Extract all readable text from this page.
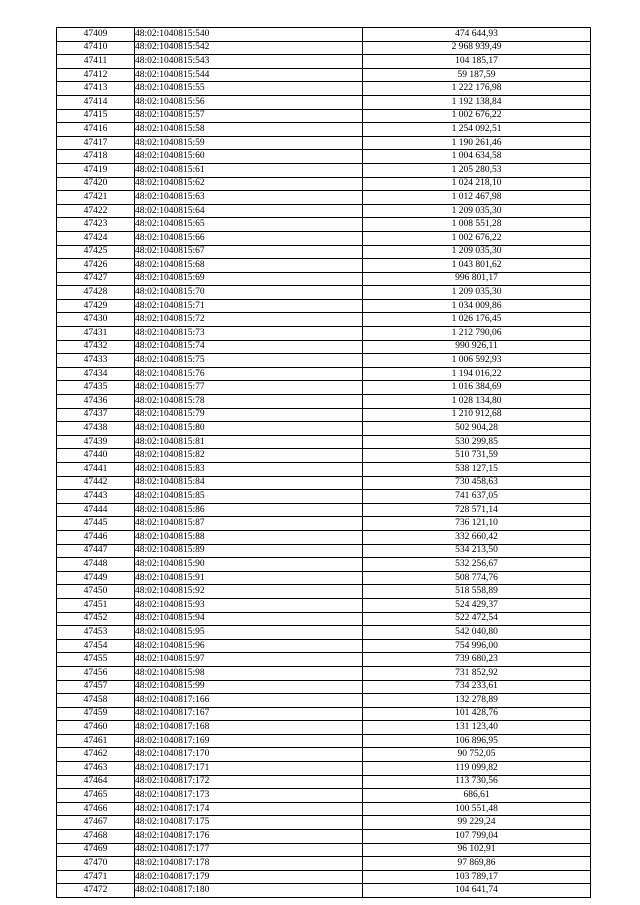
47409	48:02:1040815:540	474 644,93
47410	48:02:1040815:542	2 968 939,49
47411	48:02:1040815:543	104 185,17
47412	48:02:1040815:544	59 187,59
47413	48:02:1040815:55	1 222 176,98
47414	48:02:1040815:56	1 192 138,84
47415	48:02:1040815:57	1 002 676,22
47416	48:02:1040815:58	1 254 092,51
47417	48:02:1040815:59	1 190 261,46
47418	48:02:1040815:60	1 004 634,58
47419	48:02:1040815:61	1 205 280,53
47420	48:02:1040815:62	1 024 218,10
47421	48:02:1040815:63	1 012 467,98
47422	48:02:1040815:64	1 209 035,30
47423	48:02:1040815:65	1 008 551,28
47424	48:02:1040815:66	1 002 676,22
47425	48:02:1040815:67	1 209 035,30
47426	48:02:1040815:68	1 043 801,62
47427	48:02:1040815:69	996 801,17
47428	48:02:1040815:70	1 209 035,30
47429	48:02:1040815:71	1 034 009,86
47430	48:02:1040815:72	1 026 176,45
47431	48:02:1040815:73	1 212 790,06
47432	48:02:1040815:74	990 926,11
47433	48:02:1040815:75	1 006 592,93
47434	48:02:1040815:76	1 194 016,22
47435	48:02:1040815:77	1 016 384,69
47436	48:02:1040815:78	1 028 134,80
47437	48:02:1040815:79	1 210 912,68
47438	48:02:1040815:80	502 904,28
47439	48:02:1040815:81	530 299,85
47440	48:02:1040815:82	510 731,59
47441	48:02:1040815:83	538 127,15
47442	48:02:1040815:84	730 458,63
47443	48:02:1040815:85	741 637,05
47444	48:02:1040815:86	728 571,14
47445	48:02:1040815:87	736 121,10
47446	48:02:1040815:88	332 660,42
47447	48:02:1040815:89	534 213,50
47448	48:02:1040815:90	532 256,67
47449	48:02:1040815:91	508 774,76
47450	48:02:1040815:92	518 558,89
47451	48:02:1040815:93	524 429,37
47452	48:02:1040815:94	522 472,54
47453	48:02:1040815:95	542 040,80
47454	48:02:1040815:96	754 996,00
47455	48:02:1040815:97	739 680,23
47456	48:02:1040815:98	731 852,92
47457	48:02:1040815:99	734 233,61
47458	48:02:1040817:166	132 278,89
47459	48:02:1040817:167	101 428,76
47460	48:02:1040817:168	131 123,40
47461	48:02:1040817:169	106 896,95
47462	48:02:1040817:170	90 752,05
47463	48:02:1040817:171	119 099,82
47464	48:02:1040817:172	113 730,56
47465	48:02:1040817:173	686,61
47466	48:02:1040817:174	100 551,48
47467	48:02:1040817:175	99 229,24
47468	48:02:1040817:176	107 799,04
47469	48:02:1040817:177	96 102,91
47470	48:02:1040817:178	97 869,86
47471	48:02:1040817:179	103 789,17
47472	48:02:1040817:180	104 641,74
